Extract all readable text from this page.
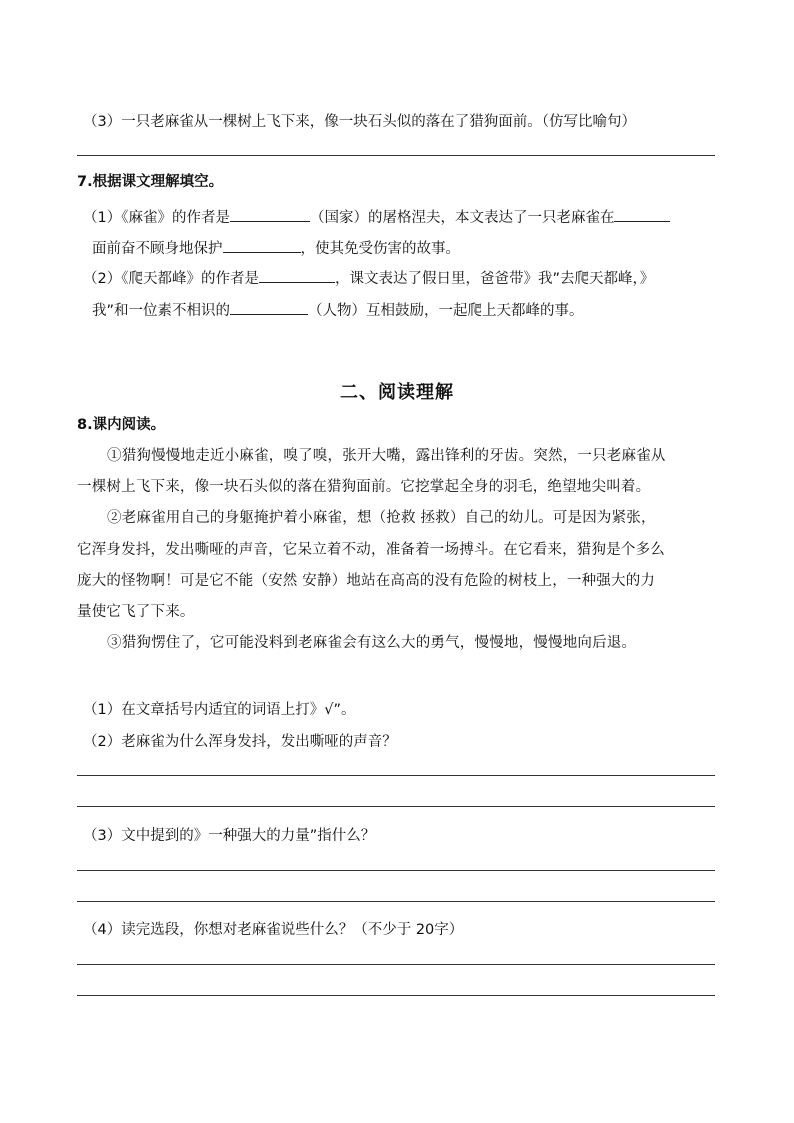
（3）一只老麻雀从一棵树上飞下来，像一块石头似的落在了猎狗面前。（仿写比喻句）
7.根据课文理解填空。
（1）《麻雀》的作者是	（国家）的屠格涅夫，本文表达了一只老麻雀在
面前奋不顾身地保护	，使其免受伤害的故事。
（2）《爬天都峰》的作者是	，课文表达了假日里，爸爸带》我”去爬天都峰，》
我”和一位素不相识的	（人物）互相鼓励，一起爬上天都峰的事。
二、阅读理解
8.课内阅读。
①猎狗慢慢地走近小麻雀，嗅了嗅，张开大嘴，露出锋利的牙齿。突然，一只老麻雀从
一棵树上飞下来，像一块石头似的落在猎狗面前。它挖掌起全身的羽毛，绝望地尖叫着。
②老麻雀用自己的身躯掩护着小麻雀，想（抢救 拯救）自己的幼儿。可是因为紧张，
它浑身发抖，发出嘶哑的声音，它呆立着不动，准备着一场搏斗。在它看来，猎狗是个多么
庞大的怪物啊！可是它不能（安然 安静）地站在高高的没有危险的树枝上，一种强大的力
量使它飞了下来。
③猎狗愣住了，它可能没料到老麻雀会有这么大的勇气，慢慢地，慢慢地向后退。
（1）在文章括号内适宜的词语上打》√”。
（2）老麻雀为什么浑身发抖，发出嘶哑的声音？
（3）文中提到的》一种强大的力量”指什么？
（4）读完选段，你想对老麻雀说些什么？（不少于 20字）
